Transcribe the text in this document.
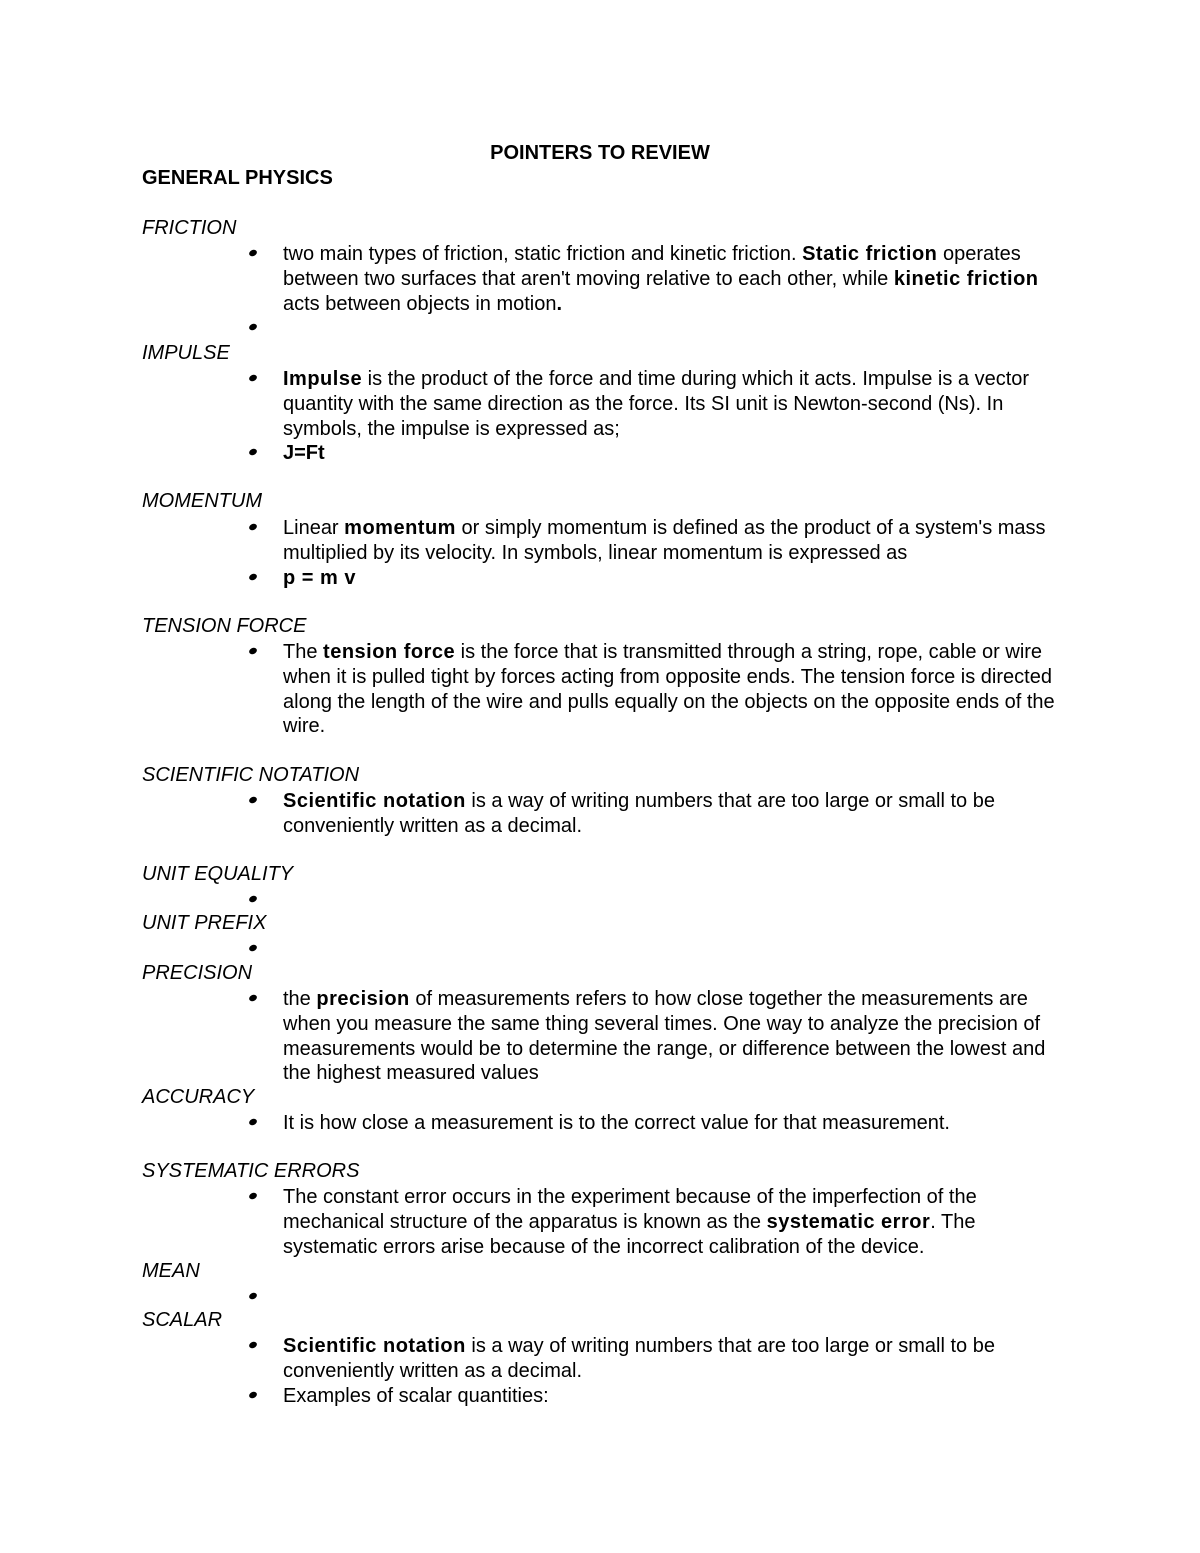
POINTERS TO REVIEW
GENERAL PHYSICS
FRICTION
two main types of friction, static friction and kinetic friction. Static friction operates between two surfaces that aren't moving relative to each other, while kinetic friction acts between objects in motion.
IMPULSE
Impulse is the product of the force and time during which it acts. Impulse is a vector quantity with the same direction as the force. Its SI unit is Newton-second (Ns). In symbols, the impulse is expressed as;
J=Ft
MOMENTUM
Linear momentum or simply momentum is defined as the product of a system's mass multiplied by its velocity. In symbols, linear momentum is expressed as
p = m v
TENSION FORCE
The tension force is the force that is transmitted through a string, rope, cable or wire when it is pulled tight by forces acting from opposite ends. The tension force is directed along the length of the wire and pulls equally on the objects on the opposite ends of the wire.
SCIENTIFIC NOTATION
Scientific notation is a way of writing numbers that are too large or small to be conveniently written as a decimal.
UNIT EQUALITY
UNIT PREFIX
PRECISION
the precision of measurements refers to how close together the measurements are when you measure the same thing several times. One way to analyze the precision of measurements would be to determine the range, or difference between the lowest and the highest measured values
ACCURACY
It is how close a measurement is to the correct value for that measurement.
SYSTEMATIC ERRORS
The constant error occurs in the experiment because of the imperfection of the mechanical structure of the apparatus is known as the systematic error. The systematic errors arise because of the incorrect calibration of the device.
MEAN
SCALAR
Scientific notation is a way of writing numbers that are too large or small to be conveniently written as a decimal.
Examples of scalar quantities:
